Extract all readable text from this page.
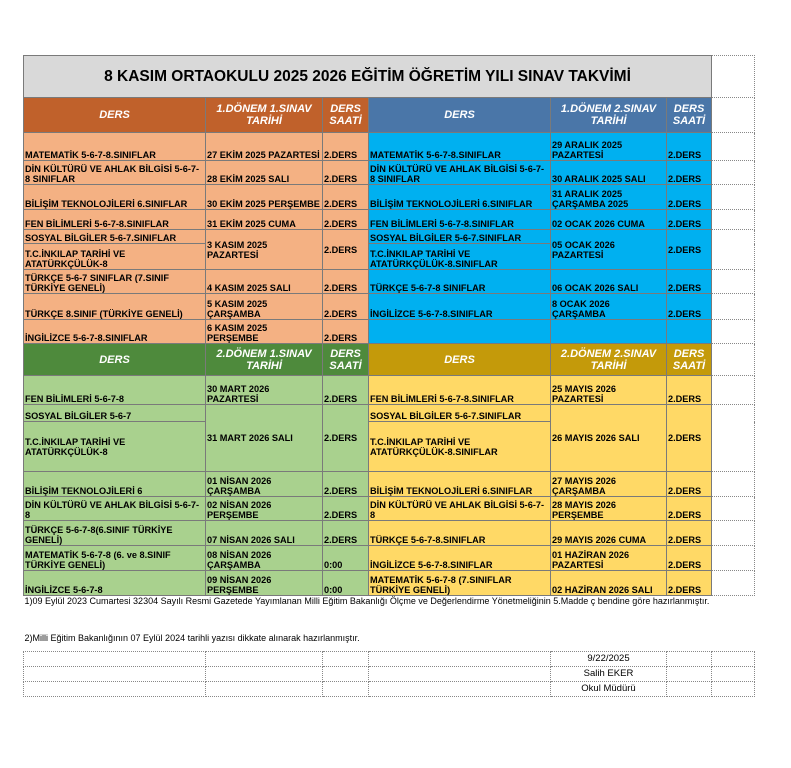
8 KASIM ORTAOKULU 2025 2026 EĞİTİM ÖĞRETİM YILI SINAV TAKVİMİ						
DERS	1.DÖNEM 1.SINAV TARİHİ	DERS SAATİ	DERS	1.DÖNEM 2.SINAV TARİHİ	DERS SAATİ	
MATEMATİK 5-6-7-8.SINIFLAR	27 EKİM 2025 PAZARTESİ	2.DERS	MATEMATİK 5-6-7-8.SINIFLAR	29 ARALIK 2025 PAZARTESİ	2.DERS	
DİN KÜLTÜRÜ VE AHLAK BİLGİSİ 5-6-7-8 SINIFLAR	28 EKİM 2025 SALI	2.DERS	DİN KÜLTÜRÜ VE AHLAK BİLGİSİ 5-6-7-8 SINIFLAR	30 ARALIK 2025 SALI	2.DERS	
BİLİŞİM TEKNOLOJİLERİ 6.SINIFLAR	30 EKİM 2025 PERŞEMBE	2.DERS	BİLİŞİM TEKNOLOJİLERİ 6.SINIFLAR	31 ARALIK 2025 ÇARŞAMBA 2025	2.DERS	
FEN BİLİMLERİ 5-6-7-8.SINIFLAR	31 EKİM 2025 CUMA	2.DERS	FEN BİLİMLERİ 5-6-7-8.SINIFLAR	02 OCAK 2026 CUMA	2.DERS	
SOSYAL BİLGİLER 5-6-7.SINIFLAR	3 KASIM 2025 PAZARTESİ	2.DERS	SOSYAL BİLGİLER 5-6-7.SINIFLAR	05 OCAK 2026 PAZARTESİ	2.DERS	
T.C.İNKILAP TARİHİ VE ATATÜRKÇÜLÜK-8			T.C.İNKILAP TARİHİ VE ATATÜRKÇÜLÜK-8.SINIFLAR			
TÜRKÇE 5-6-7 SINIFLAR (7.SINIF TÜRKİYE GENELİ)	4 KASIM 2025 SALI	2.DERS	TÜRKÇE 5-6-7-8 SINIFLAR	06 OCAK 2026 SALI	2.DERS	
TÜRKÇE 8.SINIF (TÜRKİYE GENELİ)	5 KASIM 2025 ÇARŞAMBA	2.DERS	İNGİLİZCE 5-6-7-8.SINIFLAR	8 OCAK 2026 ÇARŞAMBA	2.DERS	
İNGİLİZCE 5-6-7-8.SINIFLAR	6 KASIM 2025 PERŞEMBE	2.DERS				
DERS	2.DÖNEM 1.SINAV TARİHİ	DERS SAATİ	DERS	2.DÖNEM 2.SINAV TARİHİ	DERS SAATİ	
FEN BİLİMLERİ 5-6-7-8	30 MART 2026 PAZARTESİ	2.DERS	FEN BİLİMLERİ 5-6-7-8.SINIFLAR	25 MAYIS 2026 PAZARTESİ	2.DERS	
SOSYAL BİLGİLER 5-6-7	31 MART 2026 SALI	2.DERS	SOSYAL BİLGİLER 5-6-7.SINIFLAR	26 MAYIS 2026 SALI	2.DERS	
T.C.İNKILAP TARİHİ VE ATATÜRKÇÜLÜK-8			T.C.İNKILAP TARİHİ VE ATATÜRKÇÜLÜK-8.SINIFLAR			
BİLİŞİM TEKNOLOJİLERİ 6	01 NİSAN 2026 ÇARŞAMBA	2.DERS	BİLİŞİM TEKNOLOJİLERİ 6.SINIFLAR	27 MAYIS 2026 ÇARŞAMBA	2.DERS	
DİN KÜLTÜRÜ VE AHLAK BİLGİSİ 5-6-7-8	02 NİSAN 2026 PERŞEMBE	2.DERS	DİN KÜLTÜRÜ VE AHLAK BİLGİSİ 5-6-7-8	28 MAYIS 2026 PERŞEMBE	2.DERS	
TÜRKÇE 5-6-7-8(6.SINIF TÜRKİYE GENELİ)	07 NİSAN 2026 SALI	2.DERS	TÜRKÇE 5-6-7-8.SINIFLAR	29 MAYIS 2026 CUMA	2.DERS	
MATEMATİK 5-6-7-8 (6. ve 8.SINIF TÜRKİYE GENELİ)	08 NİSAN 2026 ÇARŞAMBA	0:00	İNGİLİZCE 5-6-7-8.SINIFLAR	01 HAZİRAN 2026 PAZARTESİ	2.DERS	
İNGİLİZCE 5-6-7-8	09 NİSAN 2026 PERŞEMBE	0:00	MATEMATİK 5-6-7-8 (7.SINIFLAR TÜRKİYE GENELİ)	02 HAZİRAN 2026 SALI	2.DERS	
1)09 Eylül 2023 Cumartesi 32304 Sayılı Resmi Gazetede Yayımlanan Milli Eğitim Bakanlığı Ölçme ve Değerlendirme Yönetmeliğinin 5.Madde ç bendine göre hazırlanmıştır.						
2)Milli Eğitim Bakanlığının 07 Eylül 2024 tarihli yazısı dikkate alınarak hazırlanmıştır.						
				9/22/2025		
				Salih EKER		
				Okul Müdürü		
